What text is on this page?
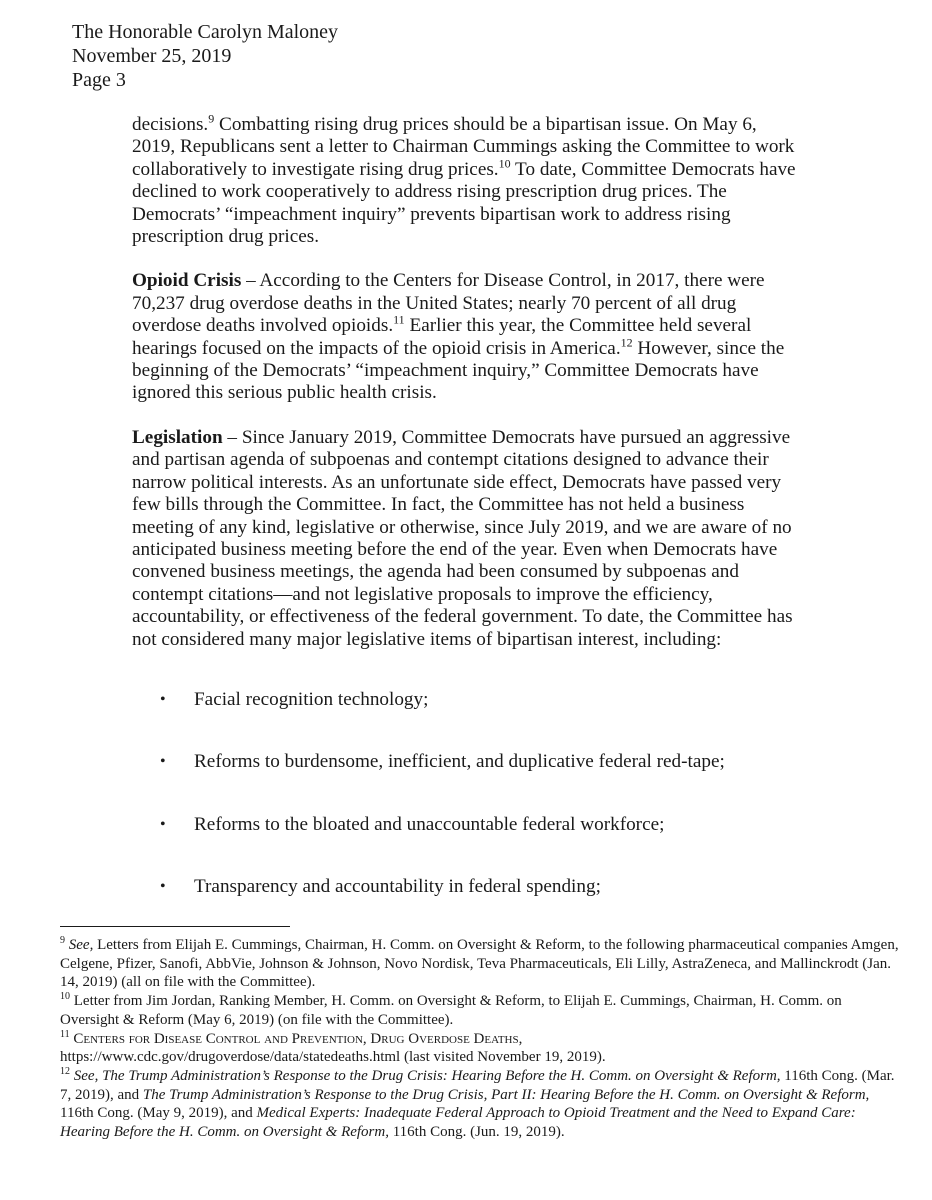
The Honorable Carolyn Maloney
November 25, 2019
Page 3

decisions.$^9$ Combatting rising drug prices should be a bipartisan issue. On May 6, 2019, Republicans sent a letter to Chairman Cummings asking the Committee to work collaboratively to investigate rising drug prices.$^{10}$ To date, Committee Democrats have declined to work cooperatively to address rising prescription drug prices. The Democrats’ “impeachment inquiry” prevents bipartisan work to address rising prescription drug prices.

Opioid Crisis – According to the Centers for Disease Control, in 2017, there were 70,237 drug overdose deaths in the United States; nearly 70 percent of all drug overdose deaths involved opioids.$^{11}$ Earlier this year, the Committee held several hearings focused on the impacts of the opioid crisis in America.$^{12}$ However, since the beginning of the Democrats’ “impeachment inquiry,” Committee Democrats have ignored this serious public health crisis.

Legislation – Since January 2019, Committee Democrats have pursued an aggressive and partisan agenda of subpoenas and contempt citations designed to advance their narrow political interests. As an unfortunate side effect, Democrats have passed very few bills through the Committee. In fact, the Committee has not held a business meeting of any kind, legislative or otherwise, since July 2019, and we are aware of no anticipated business meeting before the end of the year. Even when Democrats have convened business meetings, the agenda had been consumed by subpoenas and contempt citations—and not legislative proposals to improve the efficiency, accountability, or effectiveness of the federal government. To date, the Committee has not considered many major legislative items of bipartisan interest, including:

• Facial recognition technology;
• Reforms to burdensome, inefficient, and duplicative federal red-tape;
• Reforms to the bloated and unaccountable federal workforce;
• Transparency and accountability in federal spending;

$^9$ See, Letters from Elijah E. Cummings, Chairman, H. Comm. on Oversight & Reform, to the following pharmaceutical companies Amgen, Celgene, Pfizer, Sanofi, AbbVie, Johnson & Johnson, Novo Nordisk, Teva Pharmaceuticals, Eli Lilly, AstraZeneca, and Mallinckrodt (Jan. 14, 2019) (all on file with the Committee).

$^{10}$ Letter from Jim Jordan, Ranking Member, H. Comm. on Oversight & Reform, to Elijah E. Cummings, Chairman, H. Comm. on Oversight & Reform (May 6, 2019) (on file with the Committee).

$^{11}$ Centers for Disease Control and Prevention, Drug Overdose Deaths,
https://www.cdc.gov/drugoverdose/data/statedeaths.html (last visited November 19, 2019).

$^{12}$ See, The Trump Administration’s Response to the Drug Crisis: Hearing Before the H. Comm. on Oversight & Reform, 116th Cong. (Mar. 7, 2019), and The Trump Administration’s Response to the Drug Crisis, Part II: Hearing Before the H. Comm. on Oversight & Reform, 116th Cong. (May 9, 2019), and Medical Experts: Inadequate Federal Approach to Opioid Treatment and the Need to Expand Care: Hearing Before the H. Comm. on Oversight & Reform, 116th Cong. (Jun. 19, 2019).
